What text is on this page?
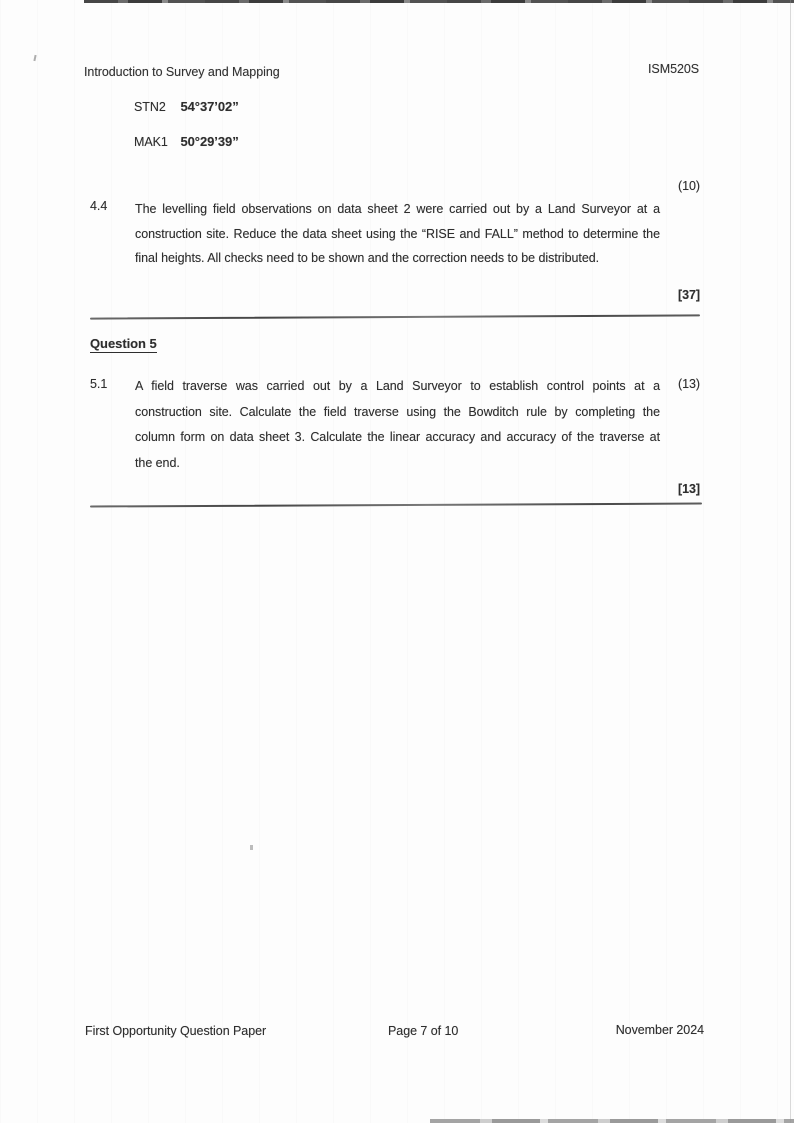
Introduction to Survey and Mapping	ISM520S
STN2 54°37’02”
MAK1 50°29’39”
(10)
4.4 The levelling field observations on data sheet 2 were carried out by a Land Surveyor at a
construction site. Reduce the data sheet using the “RISE and FALL” method to determine the
final heights. All checks need to be shown and the correction needs to be distributed.
[37]
Question 5
(13)
5.1 A field traverse was carried out by a Land Surveyor to establish control points at a
construction site. Calculate the field traverse using the Bowditch rule by completing the
column form on data sheet 3. Calculate the linear accuracy and accuracy of the traverse at
the end.
[13]
First Opportunity Question Paper	Page 7 of 10	November 2024
